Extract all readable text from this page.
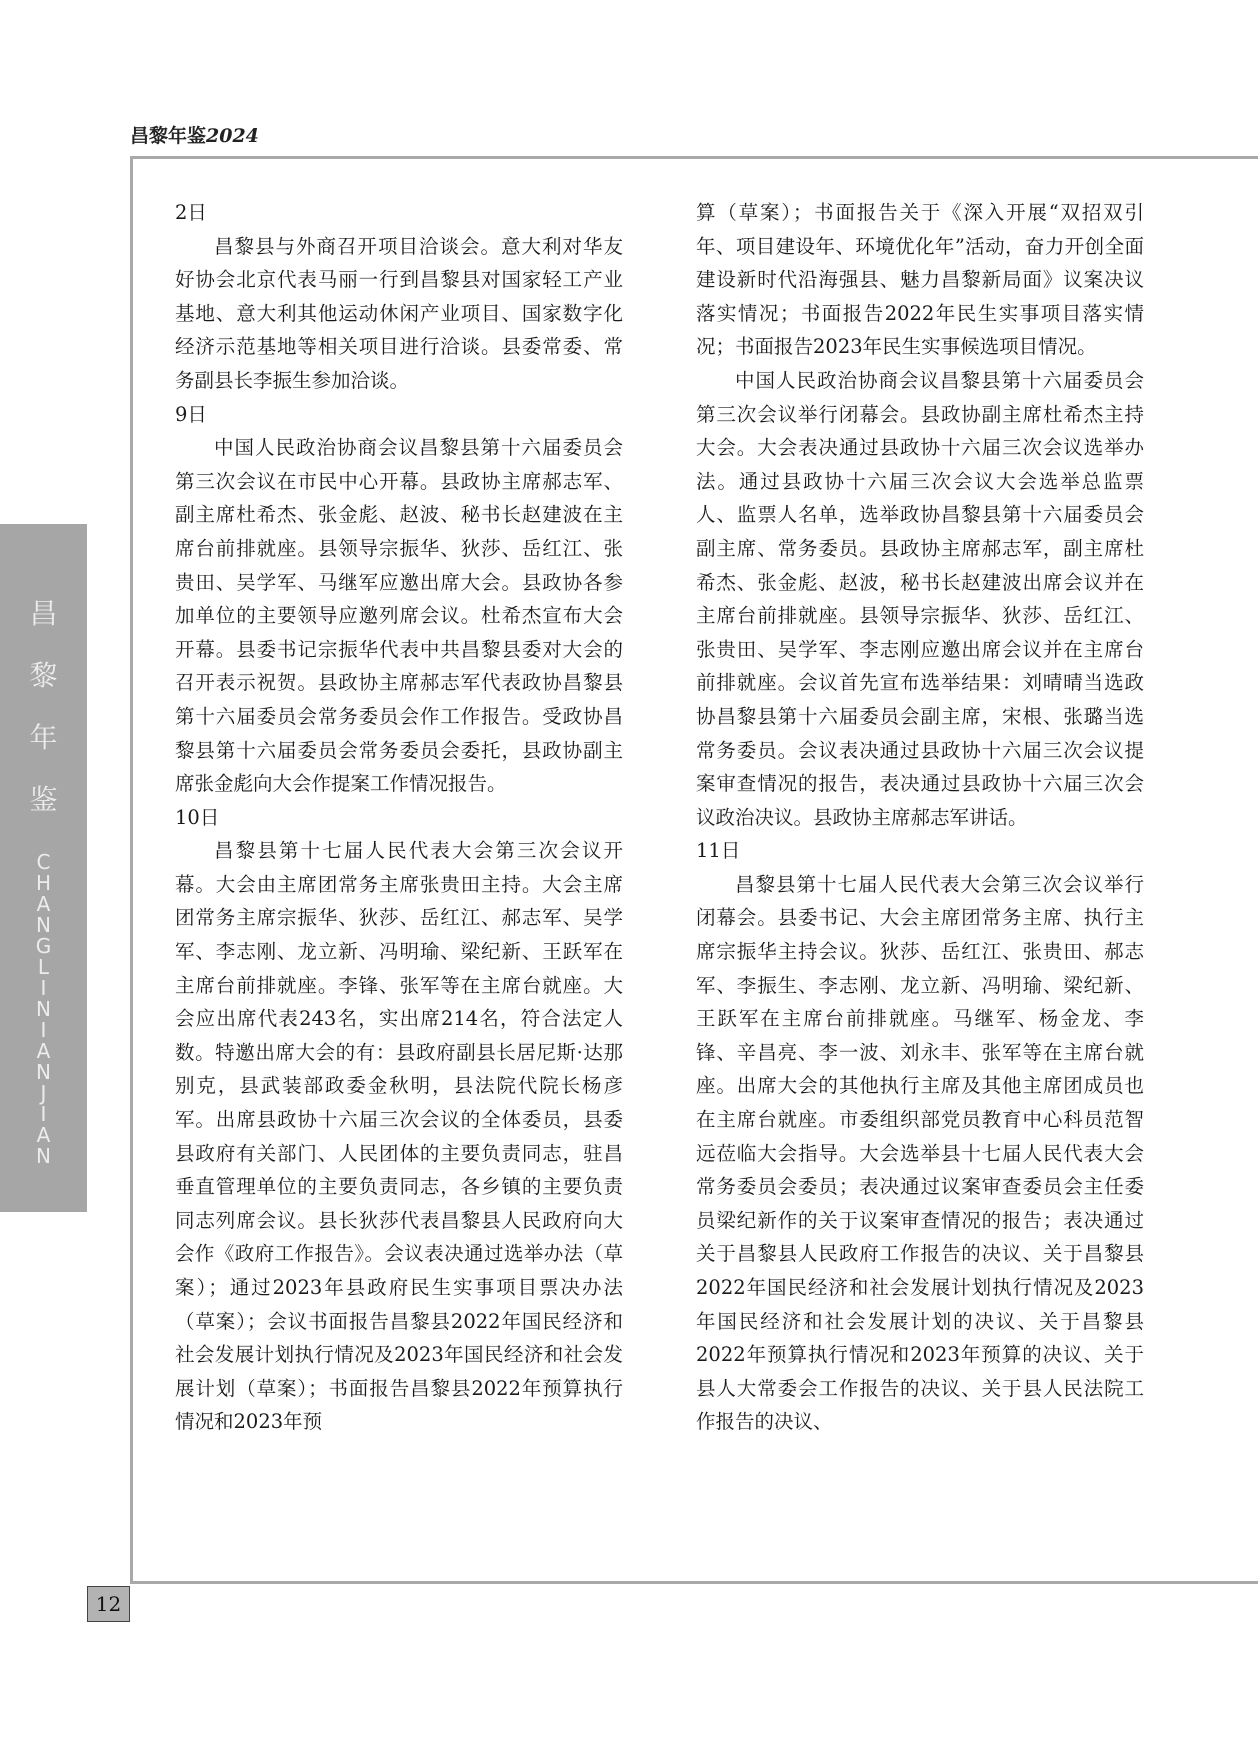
昌黎年鉴2024
昌
黎
年
鉴
C
H
A
N
G
L
I
N
I
A
N
J
I
A
N
12
2日

昌黎县与外商召开项目洽谈会。意大利对华友好协会北京代表马丽一行到昌黎县对国家轻工产业基地、意大利其他运动休闲产业项目、国家数字化经济示范基地等相关项目进行洽谈。县委常委、常务副县长李振生参加洽谈。

9日

中国人民政治协商会议昌黎县第十六届委员会第三次会议在市民中心开幕。县政协主席郝志军、副主席杜希杰、张金彪、赵波、秘书长赵建波在主席台前排就座。县领导宗振华、狄莎、岳红江、张贵田、吴学军、马继军应邀出席大会。县政协各参加单位的主要领导应邀列席会议。杜希杰宣布大会开幕。县委书记宗振华代表中共昌黎县委对大会的召开表示祝贺。县政协主席郝志军代表政协昌黎县第十六届委员会常务委员会作工作报告。受政协昌黎县第十六届委员会常务委员会委托，县政协副主席张金彪向大会作提案工作情况报告。

10日

昌黎县第十七届人民代表大会第三次会议开幕。大会由主席团常务主席张贵田主持。大会主席团常务主席宗振华、狄莎、岳红江、郝志军、吴学军、李志刚、龙立新、冯明瑜、梁纪新、王跃军在主席台前排就座。李锋、张军等在主席台就座。大会应出席代表243名，实出席214名，符合法定人数。特邀出席大会的有：县政府副县长居尼斯·达那别克，县武装部政委金秋明，县法院代院长杨彦军。出席县政协十六届三次会议的全体委员，县委县政府有关部门、人民团体的主要负责同志，驻昌垂直管理单位的主要负责同志，各乡镇的主要负责同志列席会议。县长狄莎代表昌黎县人民政府向大会作《政府工作报告》。会议表决通过选举办法（草案）；通过2023年县政府民生实事项目票决办法（草案）；会议书面报告昌黎县2022年国民经济和社会发展计划执行情况及2023年国民经济和社会发展计划（草案）；书面报告昌黎县2022年预算执行情况和2023年预

算（草案）；书面报告关于《深入开展“双招双引年、项目建设年、环境优化年”活动，奋力开创全面建设新时代沿海强县、魅力昌黎新局面》议案决议落实情况；书面报告2022年民生实事项目落实情况；书面报告2023年民生实事候选项目情况。

中国人民政治协商会议昌黎县第十六届委员会第三次会议举行闭幕会。县政协副主席杜希杰主持大会。大会表决通过县政协十六届三次会议选举办法。通过县政协十六届三次会议大会选举总监票人、监票人名单，选举政协昌黎县第十六届委员会副主席、常务委员。县政协主席郝志军，副主席杜希杰、张金彪、赵波，秘书长赵建波出席会议并在主席台前排就座。县领导宗振华、狄莎、岳红江、张贵田、吴学军、李志刚应邀出席会议并在主席台前排就座。会议首先宣布选举结果：刘晴晴当选政协昌黎县第十六届委员会副主席，宋根、张璐当选常务委员。会议表决通过县政协十六届三次会议提案审查情况的报告，表决通过县政协十六届三次会议政治决议。县政协主席郝志军讲话。

11日

昌黎县第十七届人民代表大会第三次会议举行闭幕会。县委书记、大会主席团常务主席、执行主席宗振华主持会议。狄莎、岳红江、张贵田、郝志军、李振生、李志刚、龙立新、冯明瑜、梁纪新、王跃军在主席台前排就座。马继军、杨金龙、李锋、辛昌亮、李一波、刘永丰、张军等在主席台就座。出席大会的其他执行主席及其他主席团成员也在主席台就座。市委组织部党员教育中心科员范智远莅临大会指导。大会选举县十七届人民代表大会常务委员会委员；表决通过议案审查委员会主任委员梁纪新作的关于议案审查情况的报告；表决通过关于昌黎县人民政府工作报告的决议、关于昌黎县2022年国民经济和社会发展计划执行情况及2023年国民经济和社会发展计划的决议、关于昌黎县2022年预算执行情况和2023年预算的决议、关于县人大常委会工作报告的决议、关于县人民法院工作报告的决议、
